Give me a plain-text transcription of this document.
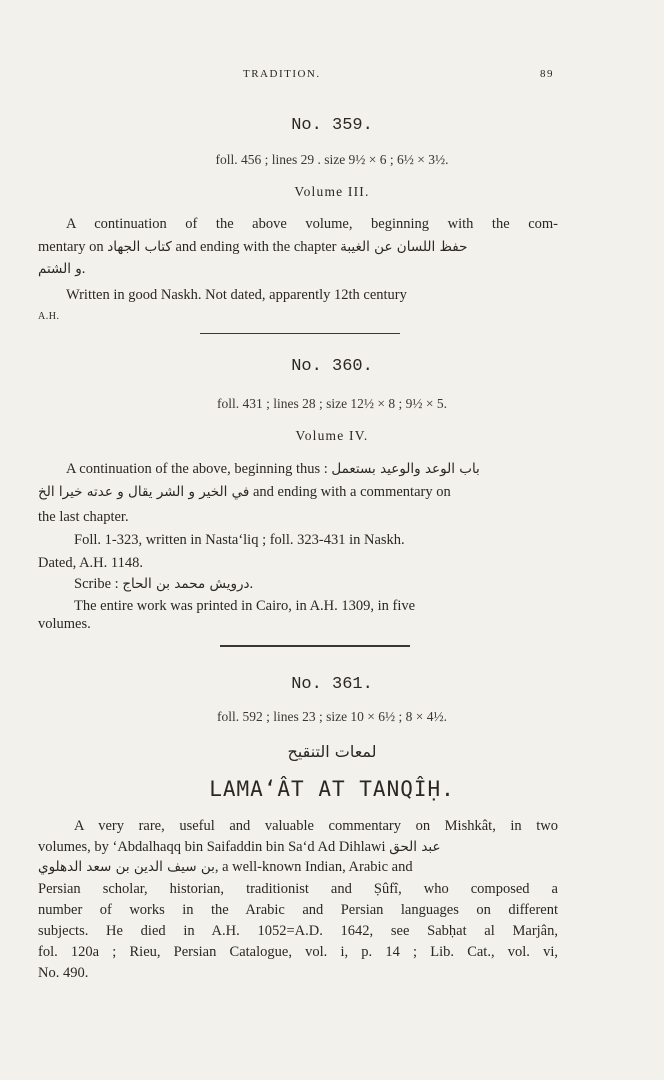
TRADITION.	89
No. 359.
foll. 456 ; lines 29 . size 9½ × 6 ; 6½ × 3½.
Volume III.
A continuation of the above volume, beginning with the com-
mentary on كتاب الجهاد and ending with the chapter حفظ اللسان عن الغيبة
و الشتم.
Written in good Naskh. Not dated, apparently 12th century
A.H.
No. 360.
foll. 431 ; lines 28 ; size 12½ × 8 ; 9½ × 5.
Volume IV.
A continuation of the above, beginning thus : باب الوعد والوعيد بستعمل
في الخير و الشر يقال و عدته خيرا الخ and ending with a commentary on
the last chapter.
Foll. 1-323, written in Nasta‘liq ; foll. 323-431 in Naskh.
Dated, A.H. 1148.
Scribe : درويش محمد بن الحاج.
The entire work was printed in Cairo, in A.H. 1309, in five
volumes.
No. 361.
foll. 592 ; lines 23 ; size 10 × 6½ ; 8 × 4½.
لمعات التنقيح
LAMA‘ÂT AT TANQÎḤ.
A very rare, useful and valuable commentary on Mishkât, in two
volumes, by ‘Abdalhaqq bin Saifaddin bin Sa‘d Ad Dihlawi عبد الحق
بن سيف الدين بن سعد الدهلوي, a well-known Indian, Arabic and
Persian scholar, historian, traditionist and Ṣûfî, who composed a
number of works in the Arabic and Persian languages on different
subjects. He died in A.H. 1052=A.D. 1642, see Sabḥat al Marjân,
fol. 120a ; Rieu, Persian Catalogue, vol. i, p. 14 ; Lib. Cat., vol. vi,
No. 490.
